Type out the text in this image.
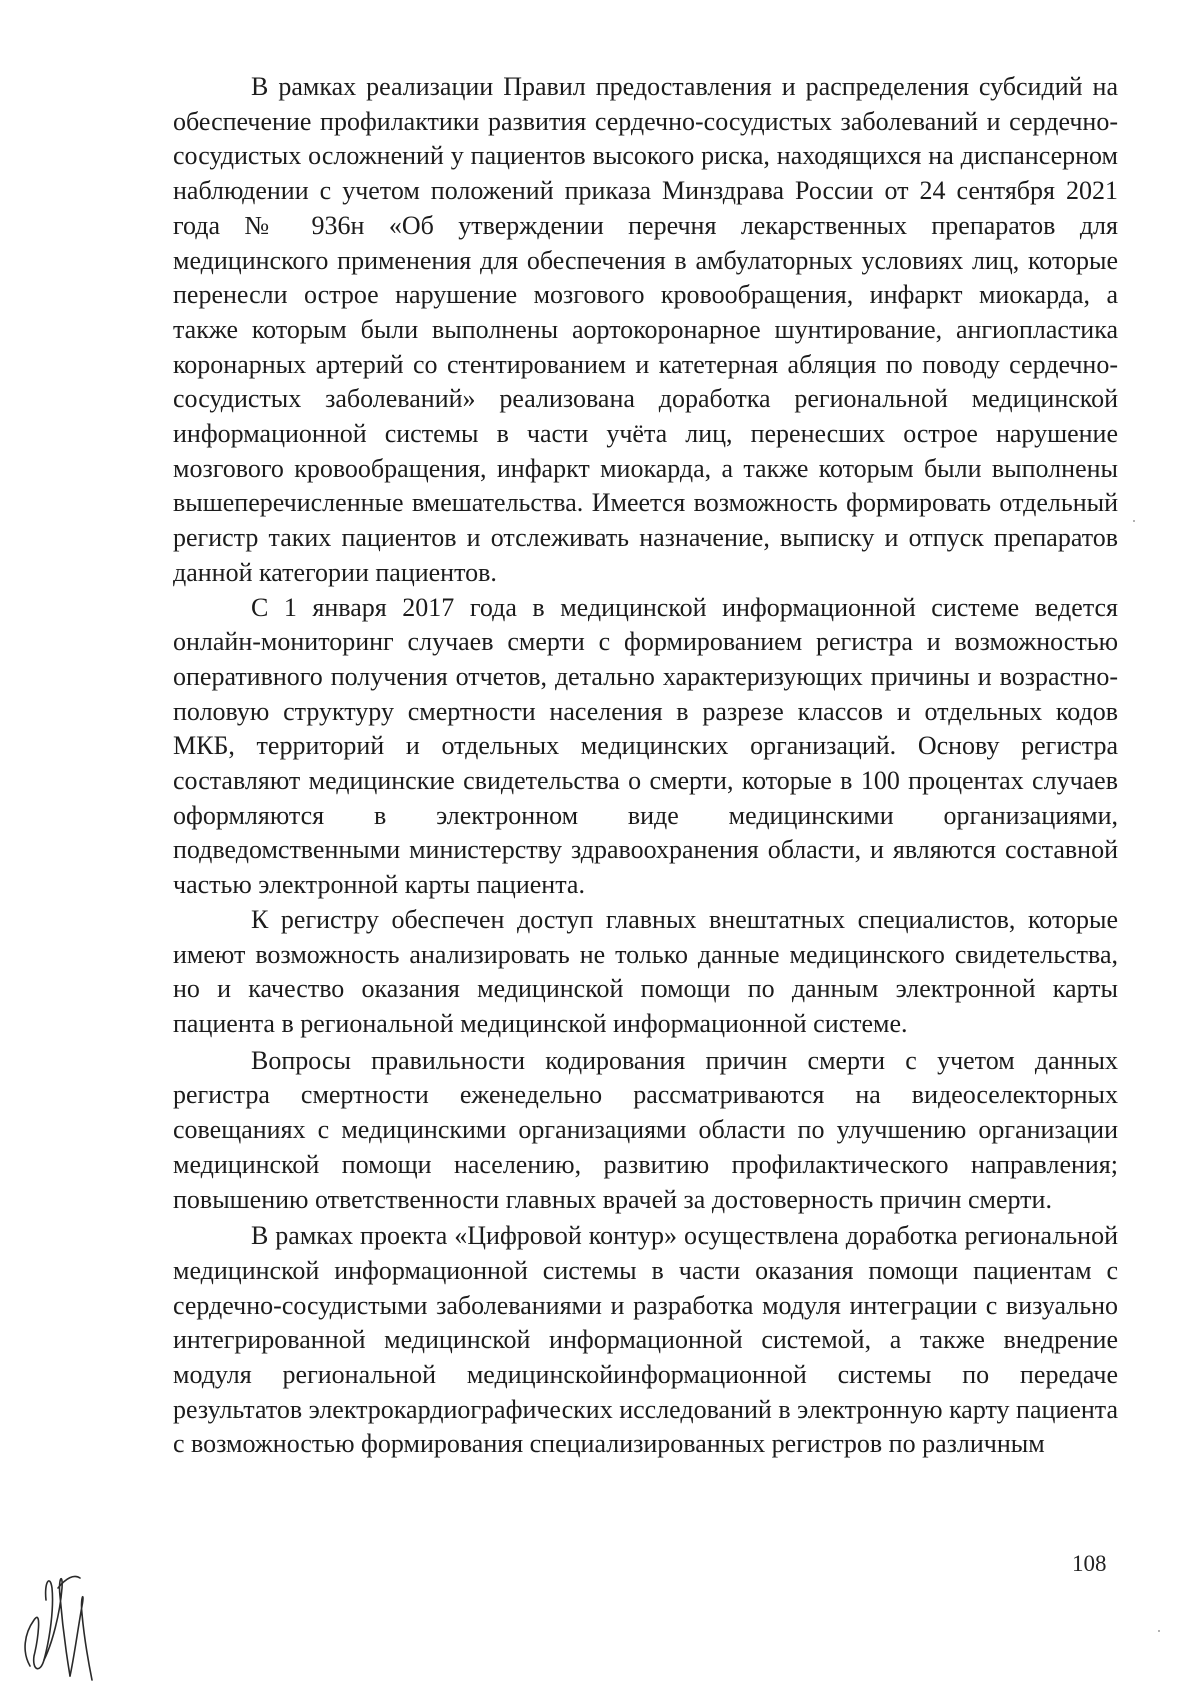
В рамках реализации Правил предоставления и распределения субсидий на обеспечение профилактики развития сердечно-сосудистых заболеваний и сердечно-сосудистых осложнений у пациентов высокого риска, находящихся на диспансерном наблюдении с учетом положений приказа Минздрава России от 24 сентября 2021 года № 936н «Об утверждении перечня лекарственных препаратов для медицинского применения для обеспечения в амбулаторных условиях лиц, которые перенесли острое нарушение мозгового кровообращения, инфаркт миокарда, а также которым были выполнены аортокоронарное шунтирование, ангиопластика коронарных артерий со стентированием и катетерная абляция по поводу сердечно-сосудистых заболеваний» реализована доработка региональной медицинской информационной системы в части учёта лиц, перенесших острое нарушение мозгового кровообращения, инфаркт миокарда, а также которым были выполнены вышеперечисленные вмешательства. Имеется возможность формировать отдельный регистр таких пациентов и отслеживать назначение, выписку и отпуск препаратов данной категории пациентов.

С 1 января 2017 года в медицинской информационной системе ведется онлайн-мониторинг случаев смерти с формированием регистра и возможностью оперативного получения отчетов, детально характеризующих причины и возрастно-половую структуру смертности населения в разрезе классов и отдельных кодов МКБ, территорий и отдельных медицинских организаций. Основу регистра составляют медицинские свидетельства о смерти, которые в 100 процентах случаев оформляются в электронном виде медицинскими организациями, подведомственными министерству здравоохранения области, и являются составной частью электронной карты пациента.

К регистру обеспечен доступ главных внештатных специалистов, которые имеют возможность анализировать не только данные медицинского свидетельства, но и качество оказания медицинской помощи по данным электронной карты пациента в региональной медицинской информационной системе.

Вопросы правильности кодирования причин смерти с учетом данных регистра смертности еженедельно рассматриваются на видеоселекторных совещаниях с медицинскими организациями области по улучшению организации медицинской помощи населению, развитию профилактического направления; повышению ответственности главных врачей за достоверность причин смерти.

В рамках проекта «Цифровой контур» осуществлена доработка региональной медицинской информационной системы в части оказания помощи пациентам с сердечно-сосудистыми заболеваниями и разработка модуля интеграции с визуально интегрированной медицинской информационной системой, а также внедрение модуля региональной медицинскойинформационной системы по передаче результатов электрокардиографических исследований в электронную карту пациента с возможностью формирования специализированных регистров по различным

108
